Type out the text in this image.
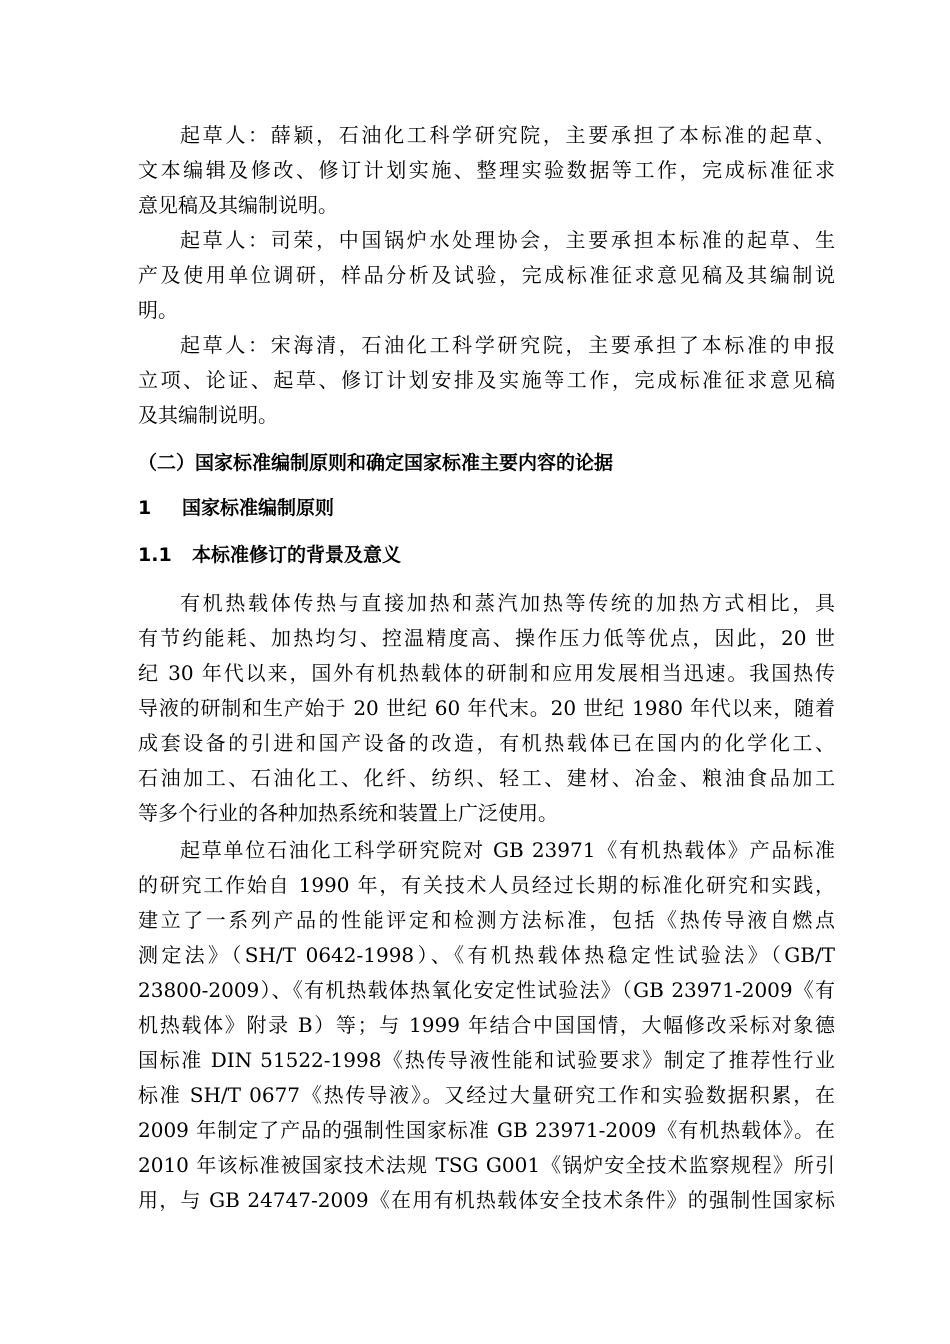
起草人：薛颖，石油化工科学研究院，主要承担了本标准的起草、
文本编辑及修改、修订计划实施、整理实验数据等工作，完成标准征求
意见稿及其编制说明。
起草人：司荣，中国锅炉水处理协会，主要承担本标准的起草、生
产及使用单位调研，样品分析及试验，完成标准征求意见稿及其编制说
明。
起草人：宋海清，石油化工科学研究院，主要承担了本标准的申报
立项、论证、起草、修订计划安排及实施等工作，完成标准征求意见稿
及其编制说明。
（二）国家标准编制原则和确定国家标准主要内容的论据
1 国家标准编制原则
1.1 本标准修订的背景及意义
有机热载体传热与直接加热和蒸汽加热等传统的加热方式相比，具
有节约能耗、加热均匀、控温精度高、操作压力低等优点，因此，20 世
纪 30 年代以来，国外有机热载体的研制和应用发展相当迅速。我国热传
导液的研制和生产始于 20 世纪 60 年代末。20 世纪 1980 年代以来，随着
成套设备的引进和国产设备的改造，有机热载体已在国内的化学化工、
石油加工、石油化工、化纤、纺织、轻工、建材、冶金、粮油食品加工
等多个行业的各种加热系统和装置上广泛使用。
起草单位石油化工科学研究院对 GB 23971《有机热载体》产品标准
的研究工作始自 1990 年，有关技术人员经过长期的标准化研究和实践，
建立了一系列产品的性能评定和检测方法标准，包括《热传导液自燃点
测定法》（SH/T 0642-1998）、《有机热载体热稳定性试验法》（GB/T
23800-2009）、《有机热载体热氧化安定性试验法》（GB 23971-2009《有
机热载体》附录 B）等；与 1999 年结合中国国情，大幅修改采标对象德
国标准 DIN 51522-1998《热传导液性能和试验要求》制定了推荐性行业
标准 SH/T 0677《热传导液》。又经过大量研究工作和实验数据积累，在
2009 年制定了产品的强制性国家标准 GB 23971-2009《有机热载体》。在
2010 年该标准被国家技术法规 TSG G001《锅炉安全技术监察规程》所引
用，与 GB 24747-2009《在用有机热载体安全技术条件》的强制性国家标
